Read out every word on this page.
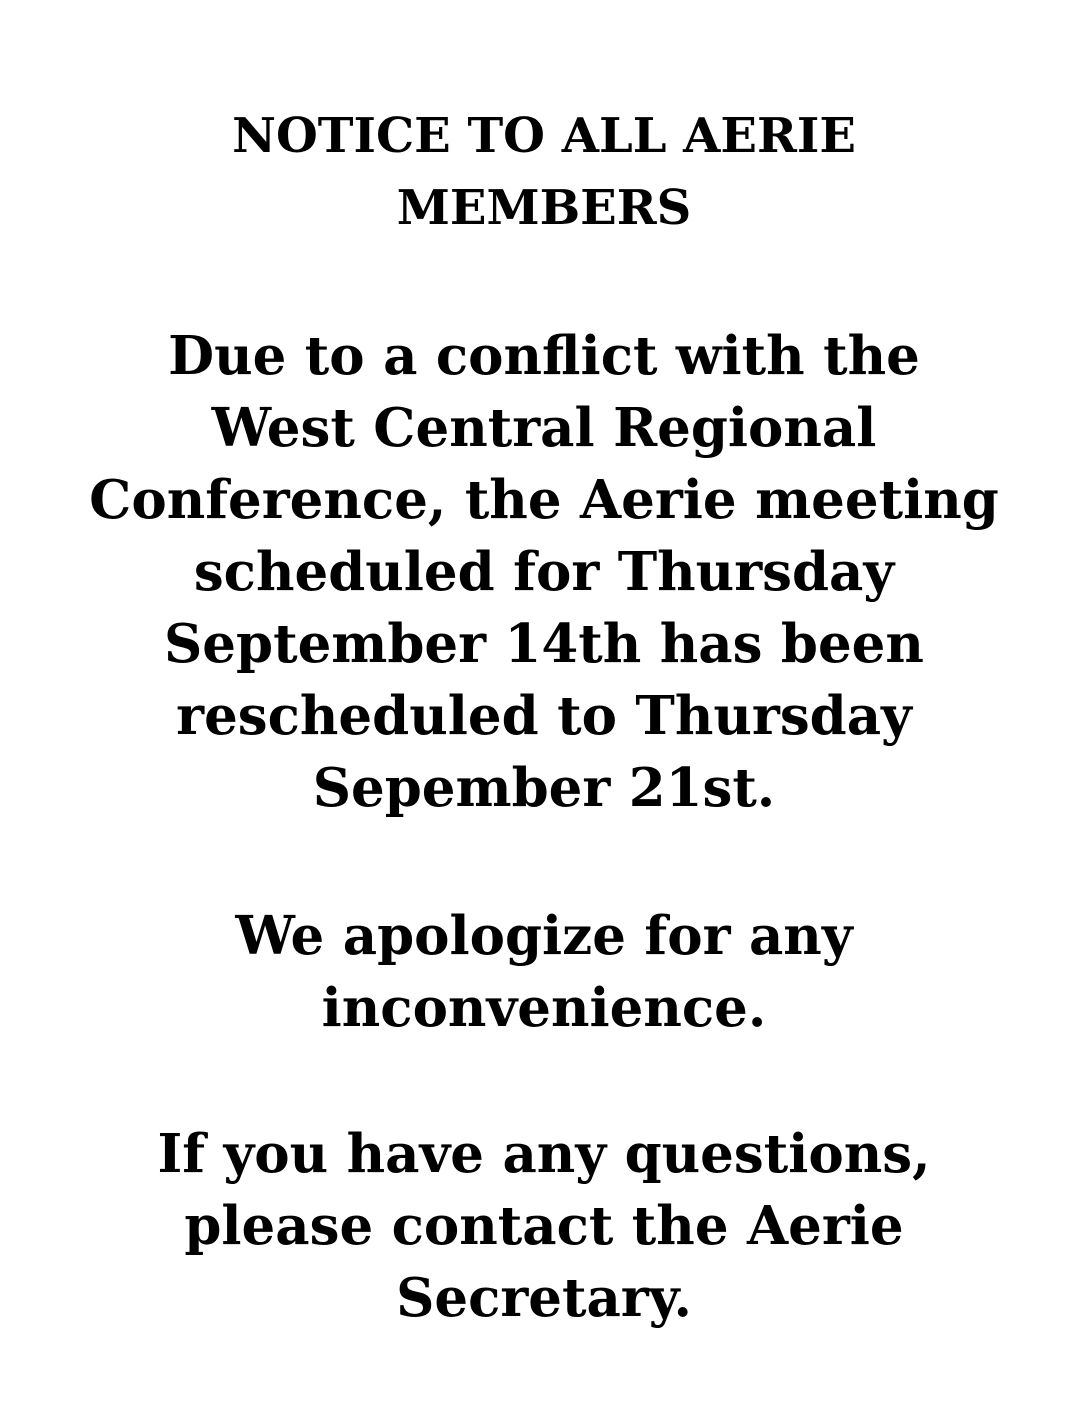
NOTICE TO ALL AERIE
MEMBERS
Due to a conflict with the
West Central Regional
Conference, the Aerie meeting
scheduled for Thursday
September 14th has been
rescheduled to Thursday
Sepember 21st.
We apologize for any
inconvenience.
If you have any questions,
please contact the Aerie
Secretary.
